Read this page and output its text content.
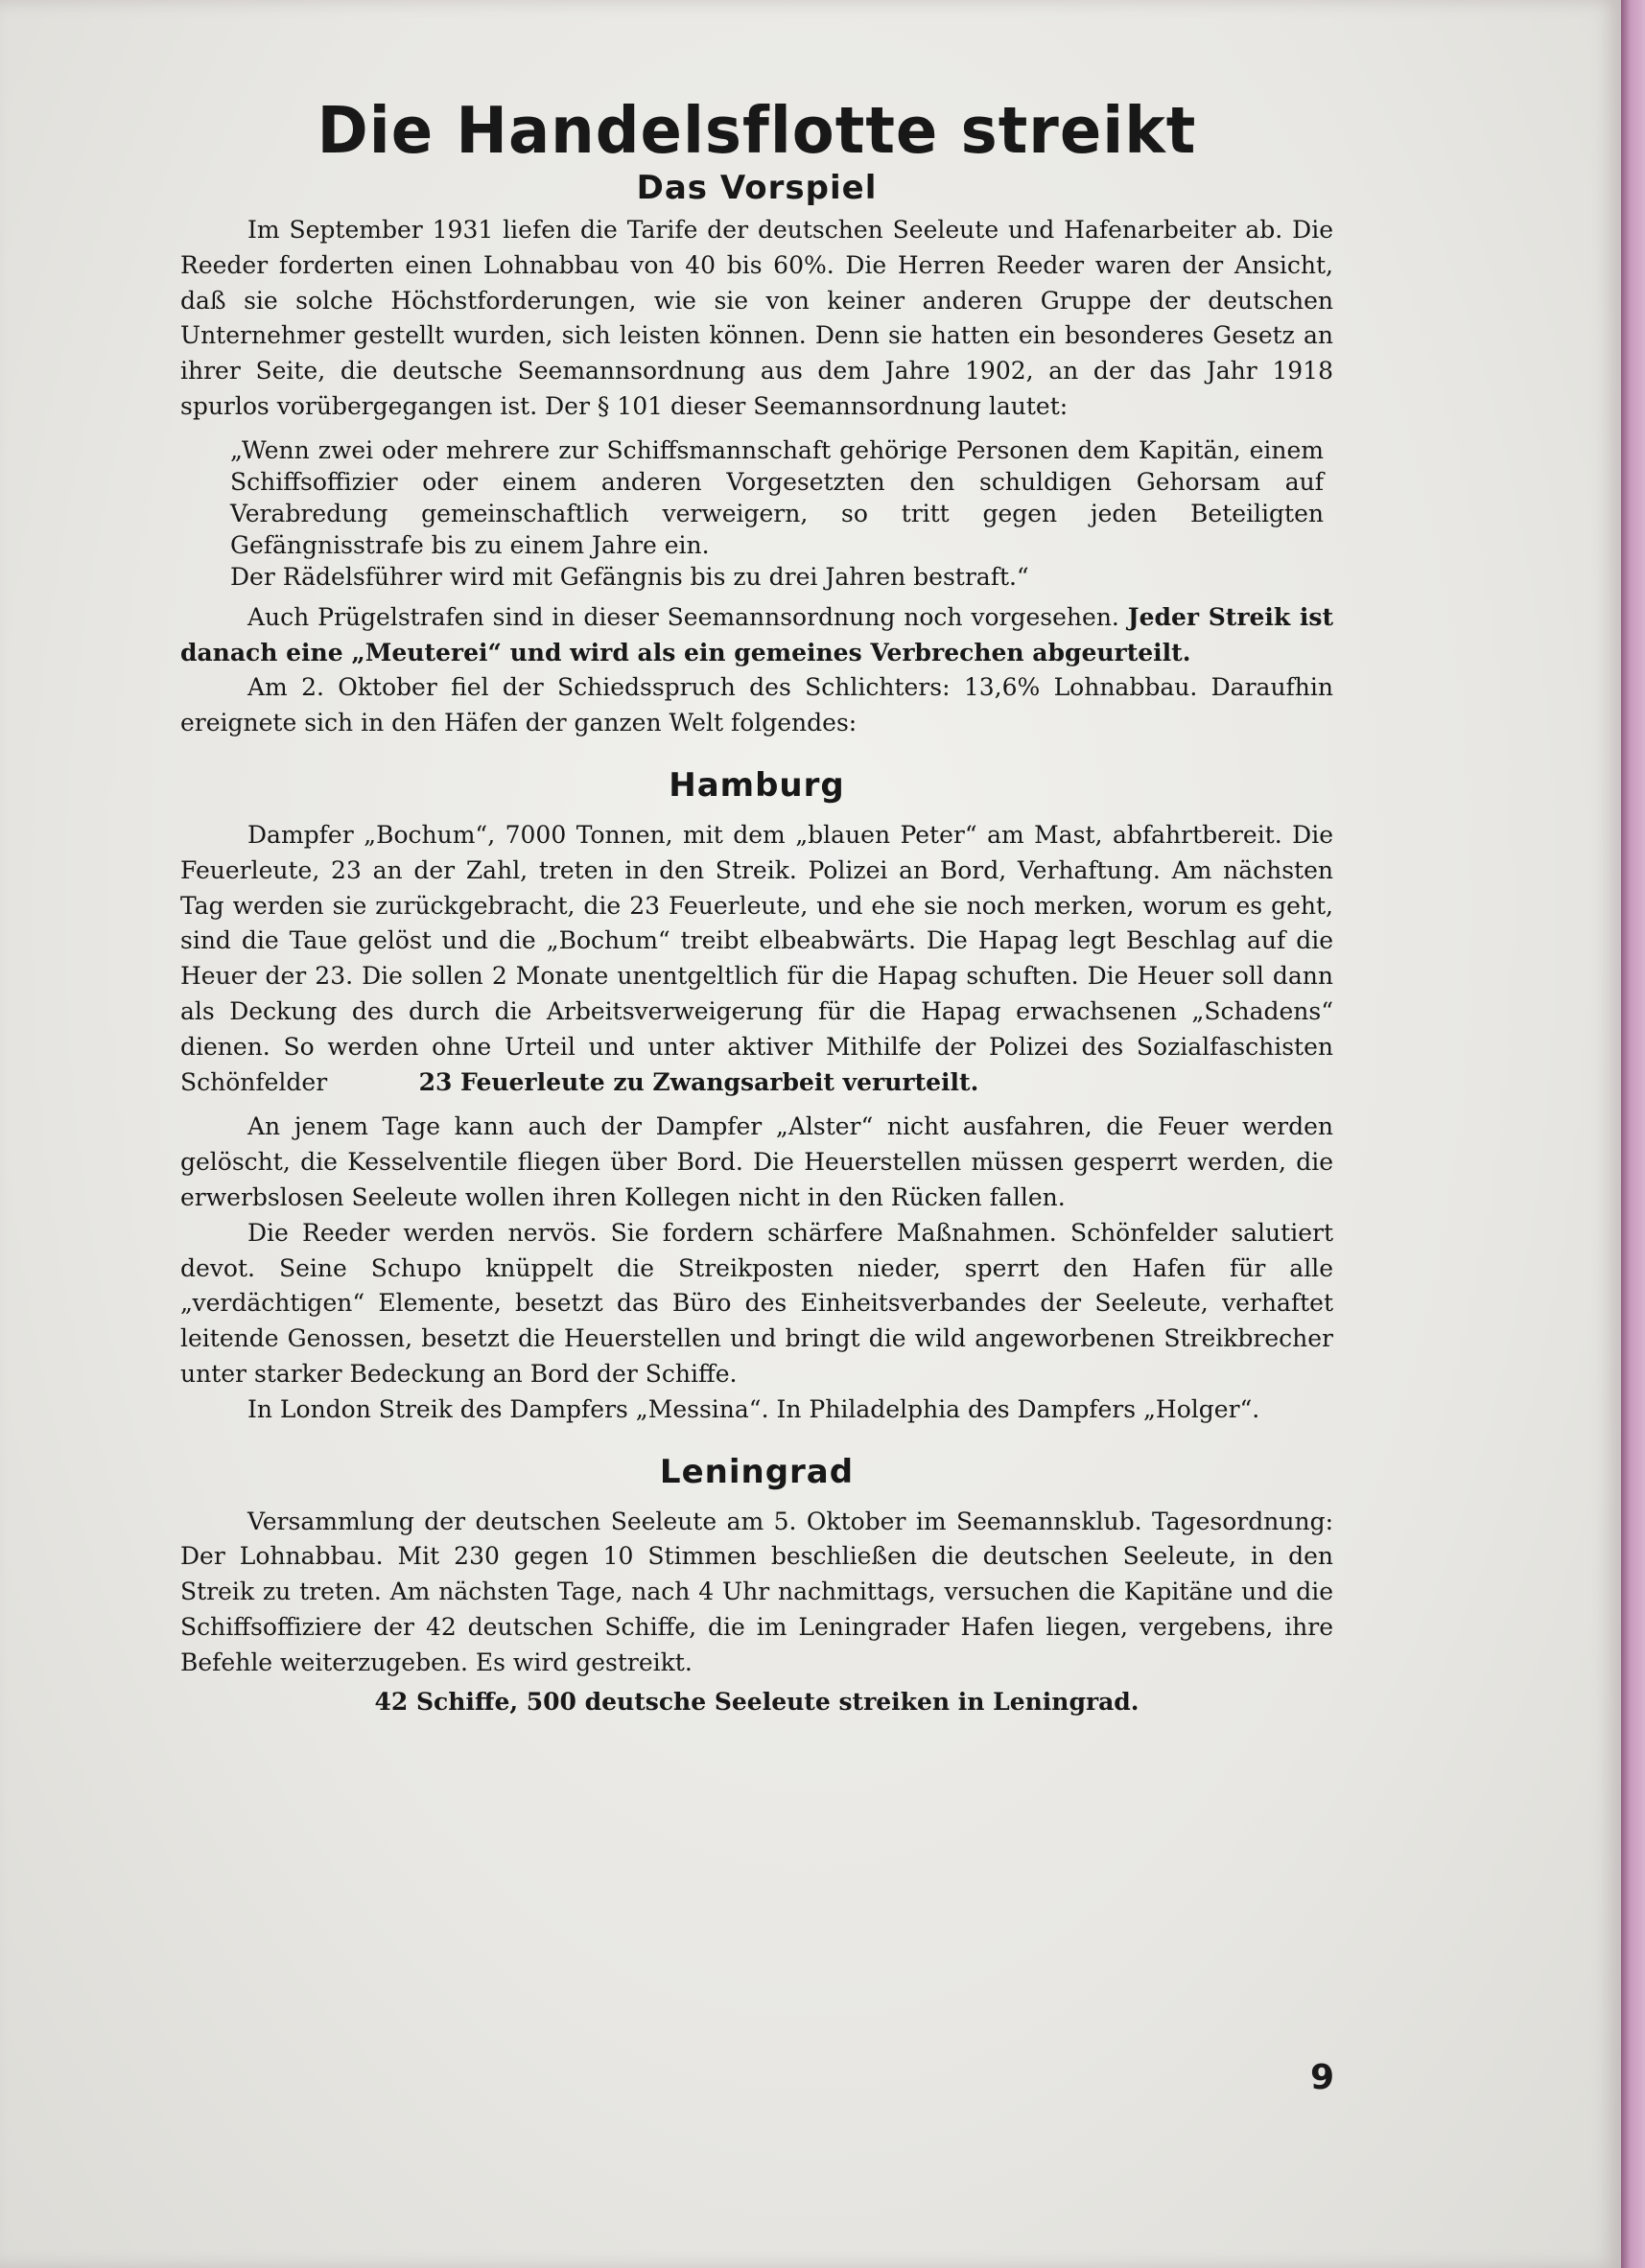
Die Handelsflotte streikt
Das Vorspiel

Im September 1931 liefen die Tarife der deutschen Seeleute und Hafenarbeiter ab. Die Reeder forderten einen Lohnabbau von 40 bis 60%. Die Herren Reeder waren der Ansicht, daß sie solche Höchstforderungen, wie sie von keiner anderen Gruppe der deutschen Unternehmer gestellt wurden, sich leisten können. Denn sie hatten ein besonderes Gesetz an ihrer Seite, die deutsche Seemannsordnung aus dem Jahre 1902, an der das Jahr 1918 spurlos vorübergegangen ist. Der § 101 dieser Seemannsordnung lautet:

„Wenn zwei oder mehrere zur Schiffsmannschaft gehörige Personen dem Kapitän, einem Schiffsoffizier oder einem anderen Vorgesetzten den schuldigen Gehorsam auf Verabredung gemeinschaftlich verweigern, so tritt gegen jeden Beteiligten Gefängnisstrafe bis zu einem Jahre ein.
Der Rädelsführer wird mit Gefängnis bis zu drei Jahren bestraft.“

Auch Prügelstrafen sind in dieser Seemannsordnung noch vorgesehen. Jeder Streik ist danach eine „Meuterei“ und wird als ein gemeines Verbrechen abgeurteilt.

Am 2. Oktober fiel der Schiedsspruch des Schlichters: 13,6% Lohnabbau. Daraufhin ereignete sich in den Häfen der ganzen Welt folgendes:

Hamburg

Dampfer „Bochum“, 7000 Tonnen, mit dem „blauen Peter“ am Mast, abfahrtbereit. Die Feuerleute, 23 an der Zahl, treten in den Streik. Polizei an Bord, Verhaftung. Am nächsten Tag werden sie zurückgebracht, die 23 Feuerleute, und ehe sie noch merken, worum es geht, sind die Taue gelöst und die „Bochum“ treibt elbeabwärts. Die Hapag legt Beschlag auf die Heuer der 23. Die sollen 2 Monate unentgeltlich für die Hapag schuften. Die Heuer soll dann als Deckung des durch die Arbeitsverweigerung für die Hapag erwachsenen „Schadens“ dienen. So werden ohne Urteil und unter aktiver Mithilfe der Polizei des Sozialfaschisten Schönfelder	23 Feuerleute zu Zwangsarbeit verurteilt.

An jenem Tage kann auch der Dampfer „Alster“ nicht ausfahren, die Feuer werden gelöscht, die Kesselventile fliegen über Bord. Die Heuerstellen müssen gesperrt werden, die erwerbslosen Seeleute wollen ihren Kollegen nicht in den Rücken fallen.

Die Reeder werden nervös. Sie fordern schärfere Maßnahmen. Schönfelder salutiert devot. Seine Schupo knüppelt die Streikposten nieder, sperrt den Hafen für alle „verdächtigen“ Elemente, besetzt das Büro des Einheitsverbandes der Seeleute, verhaftet leitende Genossen, besetzt die Heuerstellen und bringt die wild angeworbenen Streikbrecher unter starker Bedeckung an Bord der Schiffe.

In London Streik des Dampfers „Messina“. In Philadelphia des Dampfers „Holger“.

Leningrad

Versammlung der deutschen Seeleute am 5. Oktober im Seemannsklub. Tagesordnung: Der Lohnabbau. Mit 230 gegen 10 Stimmen beschließen die deutschen Seeleute, in den Streik zu treten. Am nächsten Tage, nach 4 Uhr nachmittags, versuchen die Kapitäne und die Schiffsoffiziere der 42 deutschen Schiffe, die im Leningrader Hafen liegen, vergebens, ihre Befehle weiterzugeben. Es wird gestreikt.

42 Schiffe, 500 deutsche Seeleute streiken in Leningrad.

9
